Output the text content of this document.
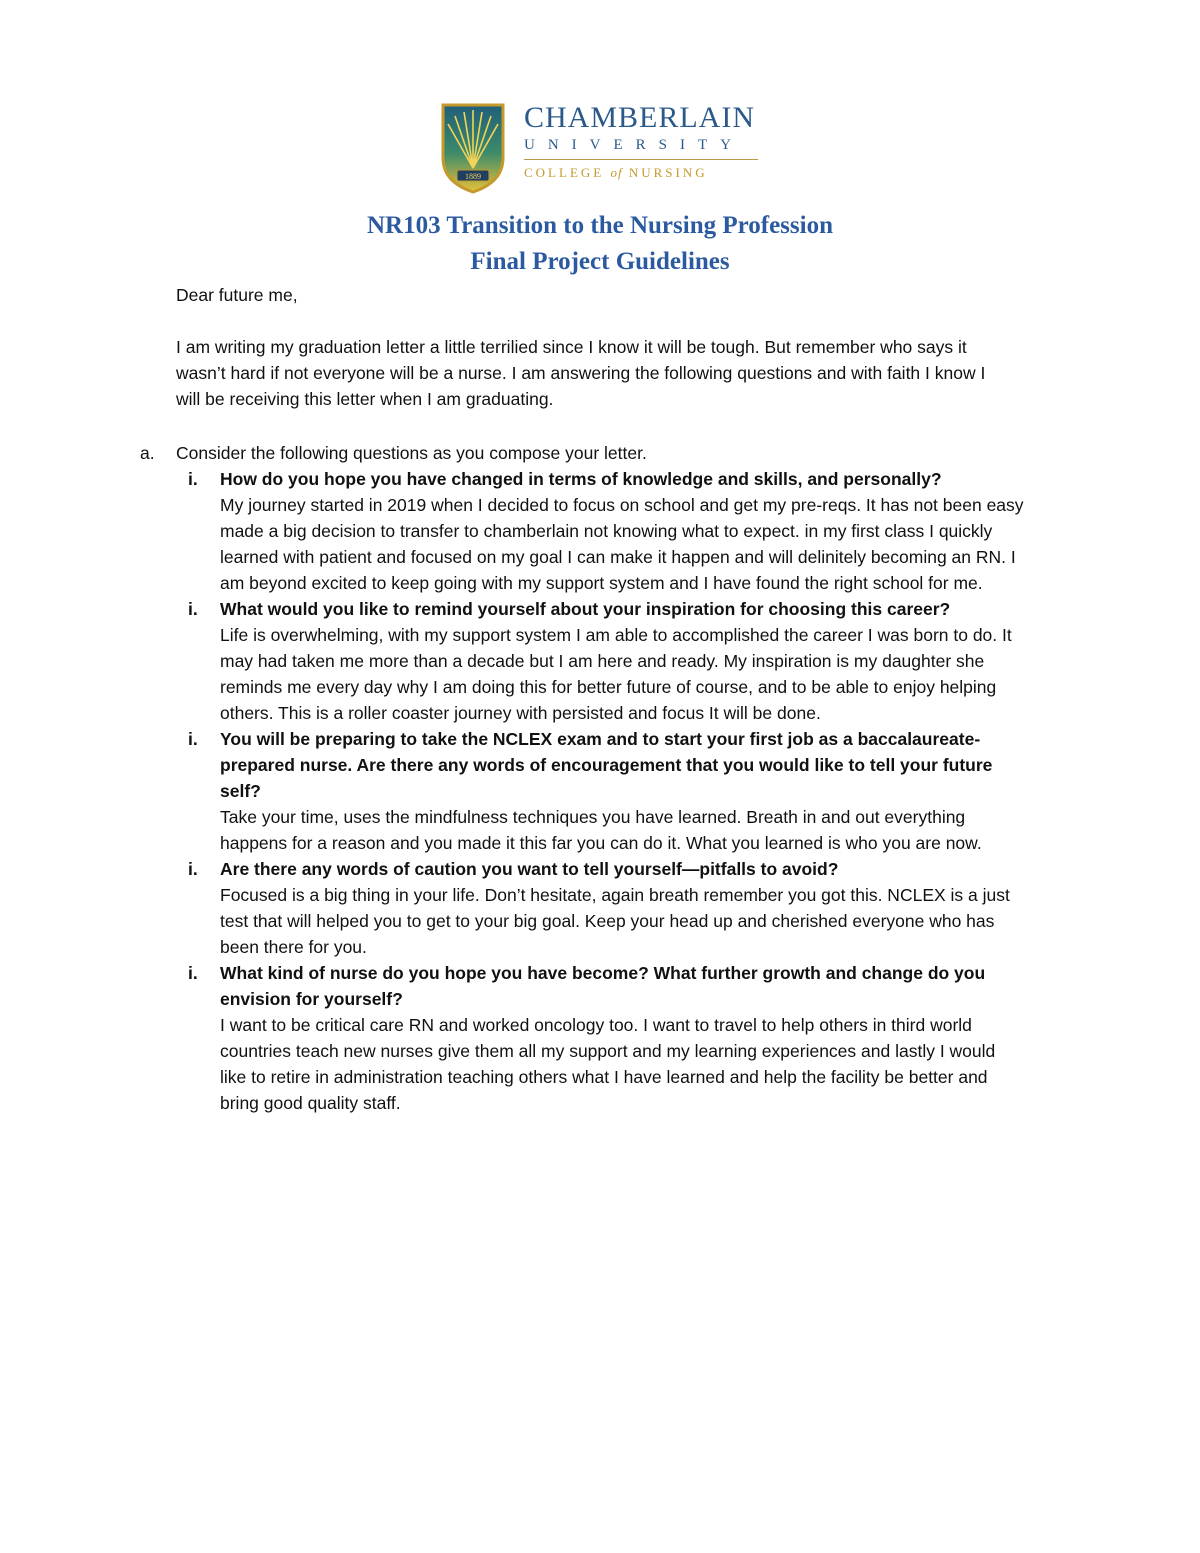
1889
CHAMBERLAIN
UNIVERSITY
COLLEGE of NURSING
NR103 Transition to the Nursing Profession
Final Project Guidelines
Dear future me,
I am writing my graduation letter a little terrilied since I know it will be tough. But remember who says it
wasn’t hard if not everyone will be a nurse. I am answering the following questions and with faith I know I
will be receiving this letter when I am graduating.
a. Consider the following questions as you compose your letter.
i. How do you hope you have changed in terms of knowledge and skills, and personally?
My journey started in 2019 when I decided to focus on school and get my pre-reqs. It has not been easy
made a big decision to transfer to chamberlain not knowing what to expect. in my first class I quickly
learned with patient and focused on my goal I can make it happen and will delinitely becoming an RN. I
am beyond excited to keep going with my support system and I have found the right school for me.
i. What would you like to remind yourself about your inspiration for choosing this career?
Life is overwhelming, with my support system I am able to accomplished the career I was born to do. It
may had taken me more than a decade but I am here and ready. My inspiration is my daughter she
reminds me every day why I am doing this for better future of course, and to be able to enjoy helping
others. This is a roller coaster journey with persisted and focus It will be done.
i. You will be preparing to take the NCLEX exam and to start your first job as a baccalaureate-
prepared nurse. Are there any words of encouragement that you would like to tell your future
self?
Take your time, uses the mindfulness techniques you have learned. Breath in and out everything
happens for a reason and you made it this far you can do it. What you learned is who you are now.
i. Are there any words of caution you want to tell yourself—pitfalls to avoid?
Focused is a big thing in your life. Don’t hesitate, again breath remember you got this. NCLEX is a just
test that will helped you to get to your big goal. Keep your head up and cherished everyone who has
been there for you.
i. What kind of nurse do you hope you have become? What further growth and change do you
envision for yourself?
I want to be critical care RN and worked oncology too. I want to travel to help others in third world
countries teach new nurses give them all my support and my learning experiences and lastly I would
like to retire in administration teaching others what I have learned and help the facility be better and
bring good quality staff.
